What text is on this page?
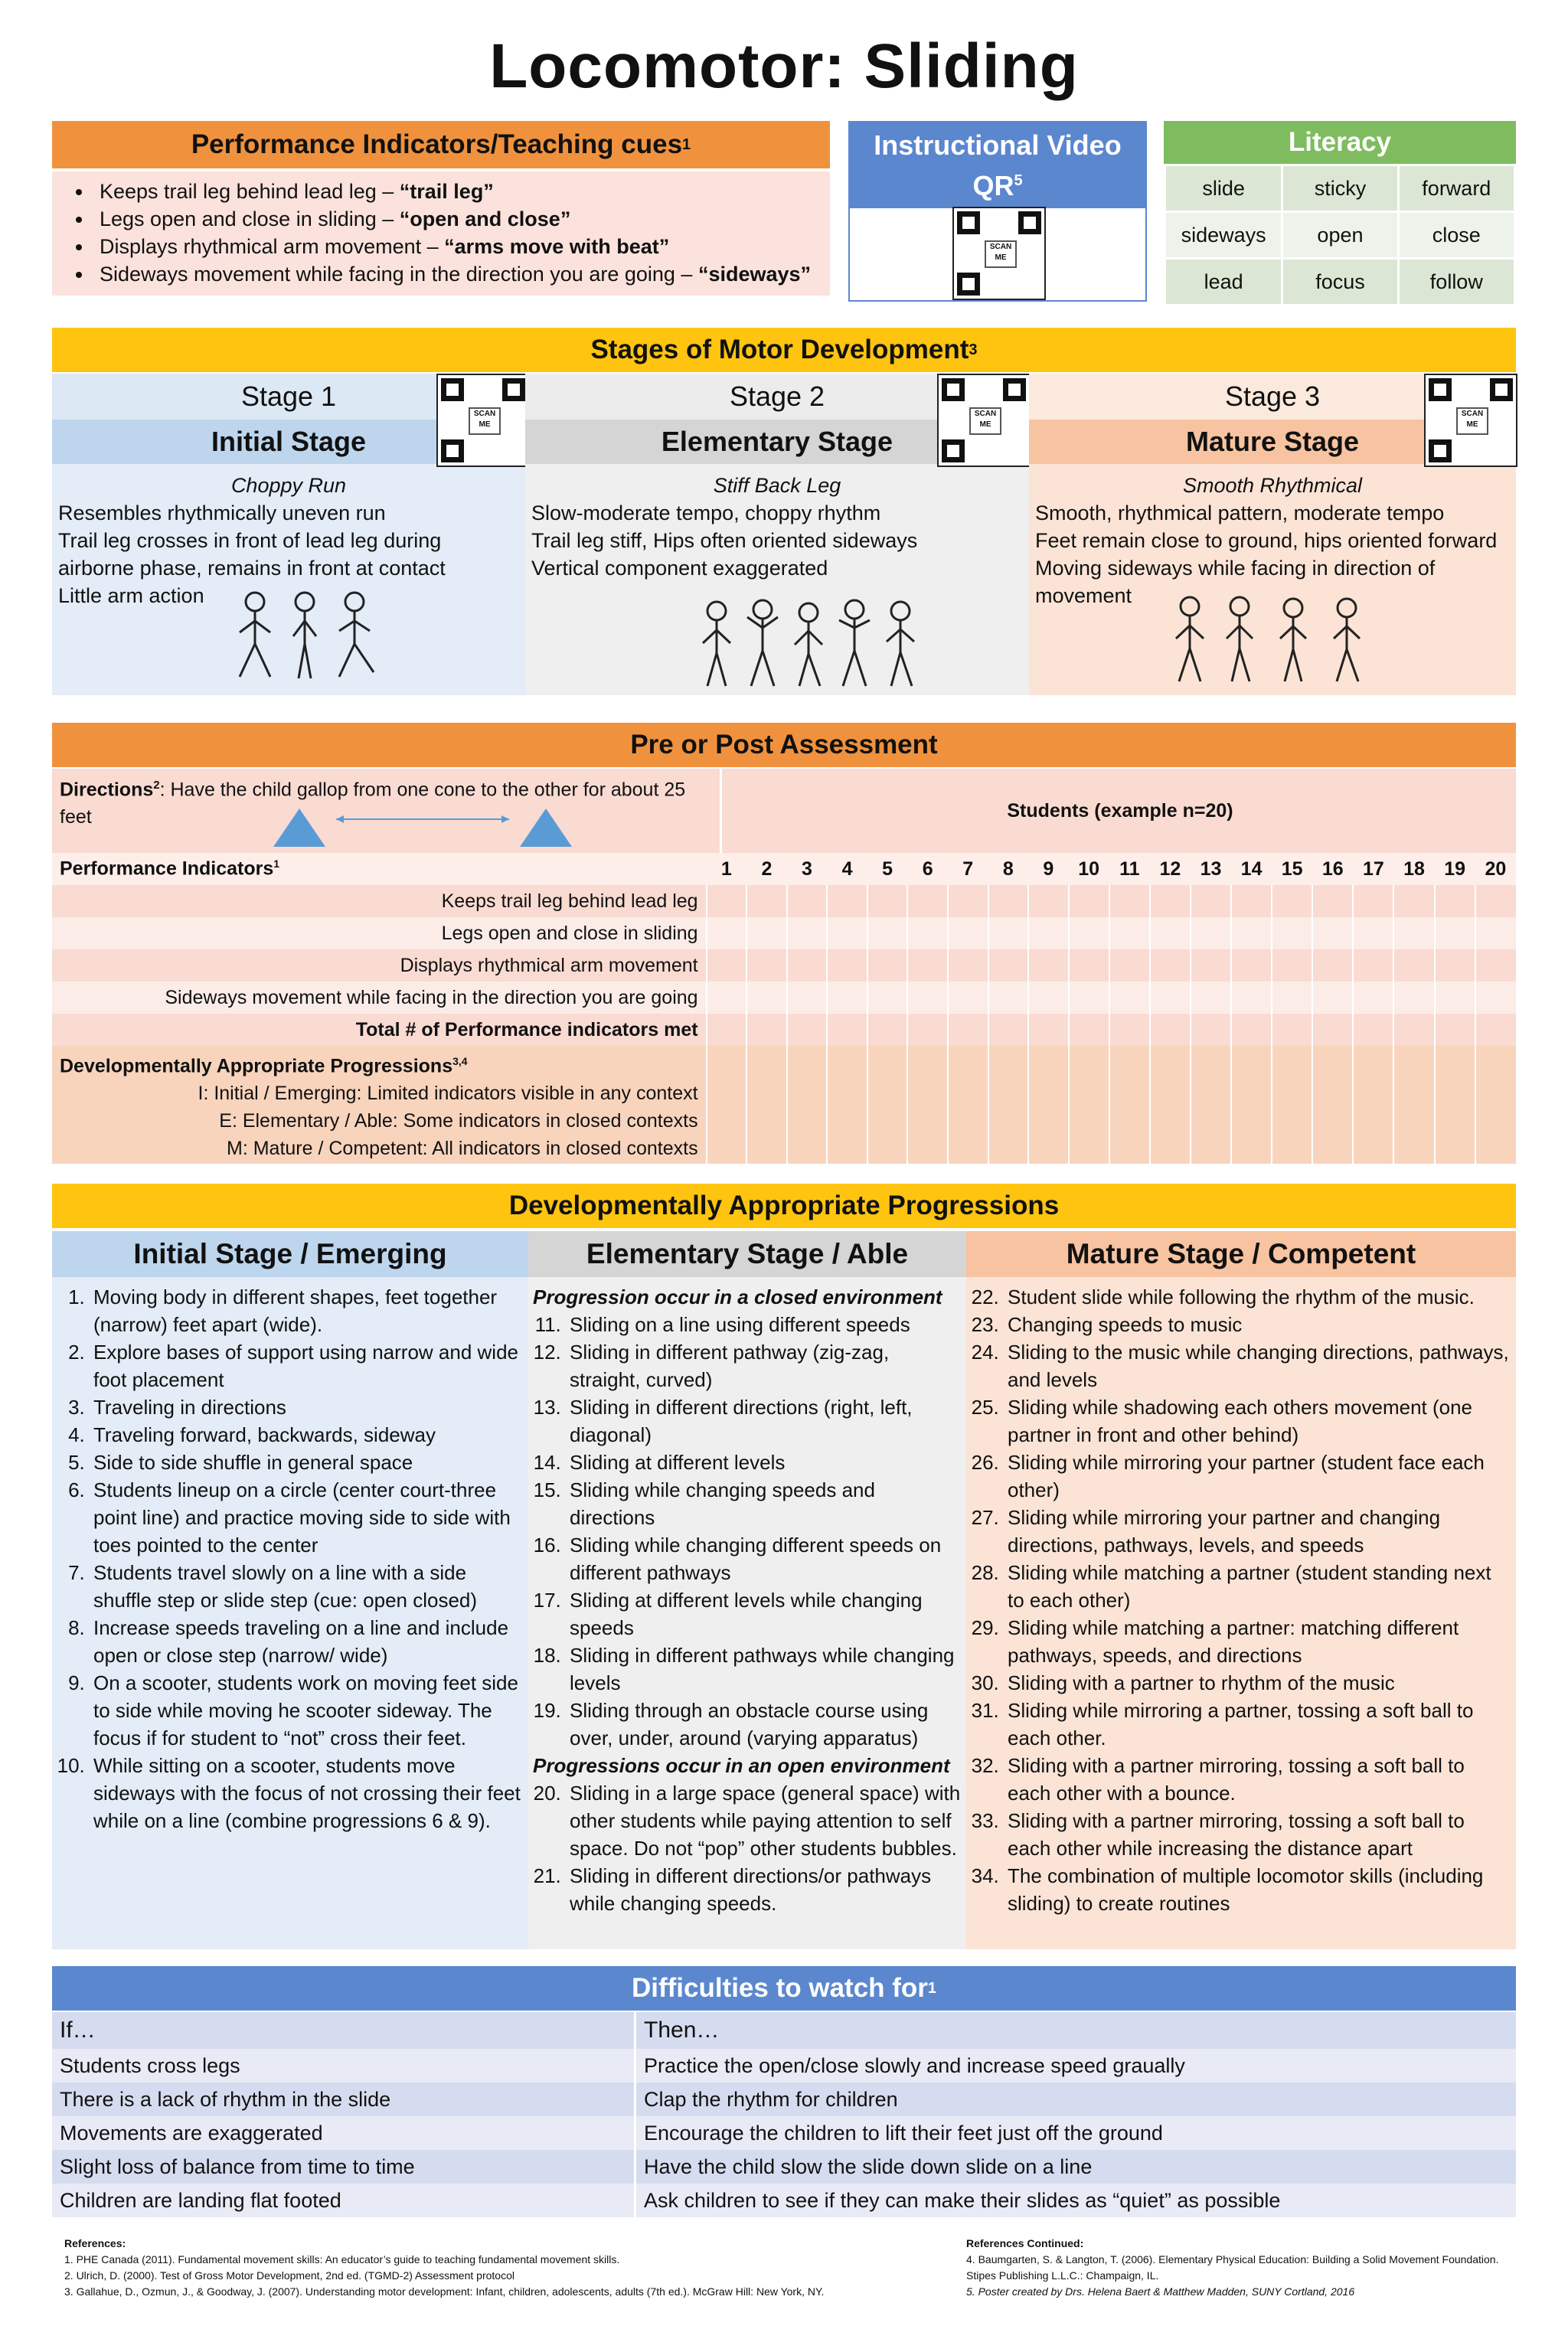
Locomotor: Sliding
Performance Indicators/Teaching cues 1
• Keeps trail leg behind lead leg – “trail leg”
• Legs open and close in sliding – “open and close”
• Displays rhythmical arm movement – “arms move with beat”
• Sideways movement while facing in the direction you are going – “sideways”
Instructional Video $QR^5$
SCAN ME
Literacy
slide	sticky	forward
sideways	open	close
lead	focus	follow
Stages of Motor Development 3
Stage 1
Initial Stage
Choppy Run
Resembles rhythmically uneven run
Trail leg crosses in front of lead leg during airborne phase, remains in front at contact
Little arm action
SCAN ME
Stage 2
Elementary Stage
Stiff Back Leg
Slow-moderate tempo, choppy rhythm
Trail leg stiff, Hips often oriented sideways
Vertical component exaggerated
SCAN ME
Stage 3
Mature Stage
Smooth Rhythmical
Smooth, rhythmical pattern, moderate tempo
Feet remain close to ground, hips oriented forward
Moving sideways while facing in direction of movement
SCAN ME
Pre or Post Assessment
Directions$^2$: Have the child gallop from one cone to the other for about 25 feet	Students (example n=20)
Performance Indicators$^1$	1	2	3	4	5	6	7	8	9	10	11	12	13	14	15	16	17	18	19	20
Keeps trail leg behind lead leg																				
Legs open and close in sliding																				
Displays rhythmical arm movement																				
Sideways movement while facing in the direction you are going																				
Total # of Performance indicators met																				

Developmentally Appropriate Progressions$^{3,4}$
I: Initial / Emerging: Limited indicators visible in any context
E: Elementary / Able: Some indicators in closed contexts
M: Mature / Competent: All indicators in closed contexts																				

Developmentally Appropriate Progressions
Initial Stage / Emerging
1. Moving body in different shapes, feet together (narrow) feet apart (wide).
2. Explore bases of support using narrow and wide foot placement
3. Traveling in directions
4. Traveling forward, backwards, sideway
5. Side to side shuffle in general space
6. Students lineup on a circle (center court-three point line) and practice moving side to side with toes pointed to the center
7. Students travel slowly on a line with a side shuffle step or slide step (cue: open closed)
8. Increase speeds traveling on a line and include open or close step (narrow/ wide)
9. On a scooter, students work on moving feet side to side while moving he scooter sideway. The focus if for student to “not” cross their feet.
10. While sitting on a scooter, students move sideways with the focus of not crossing their feet while on a line (combine progressions 6 & 9).
Elementary Stage / Able
Progression occur in a closed environment
11. Sliding on a line using different speeds
12. Sliding in different pathway (zig-zag, straight, curved)
13. Sliding in different directions (right, left, diagonal)
14. Sliding at different levels
15. Sliding while changing speeds and directions
16. Sliding while changing different speeds on different pathways
17. Sliding at different levels while changing speeds
18. Sliding in different pathways while changing levels
19. Sliding through an obstacle course using over, under, around (varying apparatus)
Progressions occur in an open environment
20. Sliding in a large space (general space) with other students while paying attention to self space. Do not “pop” other students bubbles.
21. Sliding in different directions/or pathways while changing speeds.
Mature Stage / Competent
22. Student slide while following the rhythm of the music.
23. Changing speeds to music
24. Sliding to the music while changing directions, pathways, and levels
25. Sliding while shadowing each others movement (one partner in front and other behind)
26. Sliding while mirroring your partner (student face each other)
27. Sliding while mirroring your partner and changing directions, pathways, levels, and speeds
28. Sliding while matching a partner (student standing next to each other)
29. Sliding while matching a partner: matching different pathways, speeds, and directions
30. Sliding with a partner to rhythm of the music
31. Sliding while mirroring a partner, tossing a soft ball to each other.
32. Sliding with a partner mirroring, tossing a soft ball to each other with a bounce.
33. Sliding with a partner mirroring, tossing a soft ball to each other while increasing the distance apart
34. The combination of multiple locomotor skills (including sliding) to create routines
Difficulties to watch for 1
If…	Then…
Students cross legs	Practice the open/close slowly and increase speed graually
There is a lack of rhythm in the slide	Clap the rhythm for children
Movements are exaggerated	Encourage the children to lift their feet just off the ground
Slight loss of balance from time to time	Have the child slow the slide down slide on a line
Children are landing flat footed	Ask children to see if they can make their slides as “quiet” as possible
References:
1. PHE Canada (2011). Fundamental movement skills: An educator’s guide to teaching fundamental movement skills.
2. Ulrich, D. (2000). Test of Gross Motor Development, 2nd ed. (TGMD-2) Assessment protocol
3. Gallahue, D., Ozmun, J., & Goodway, J. (2007). Understanding motor development: Infant, children, adolescents, adults (7th ed.). McGraw Hill: New York, NY.
References Continued:
4. Baumgarten, S. & Langton, T. (2006). Elementary Physical Education: Building a Solid Movement Foundation. Stipes Publishing L.L.C.: Champaign, IL.
5. Poster created by Drs. Helena Baert & Matthew Madden, SUNY Cortland, 2016
